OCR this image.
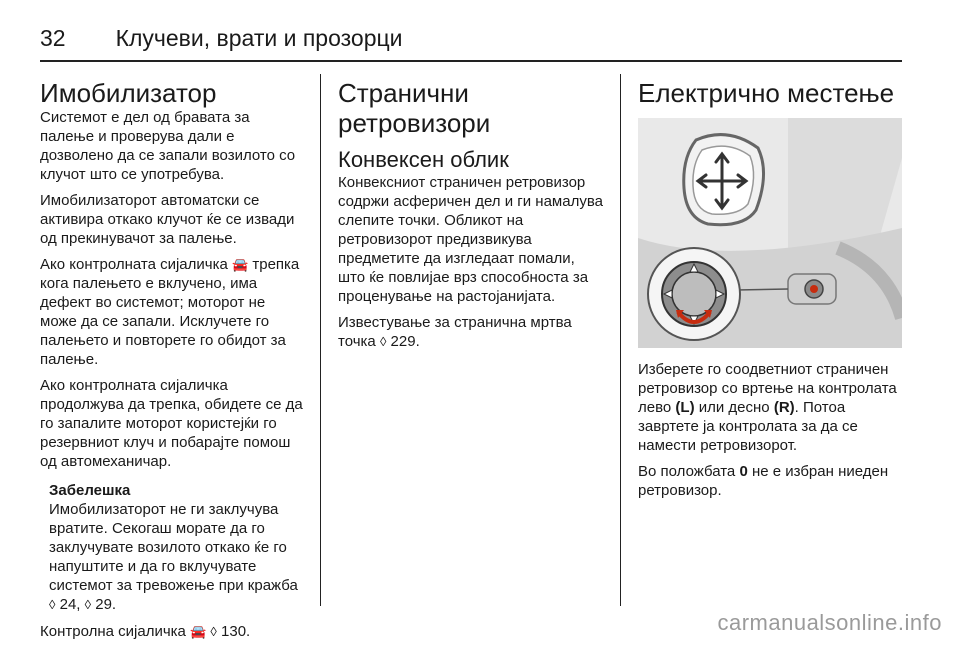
32 Клучеви, врати и прозорци
Имобилизатор

Системот е дел од бравата за палење и проверува дали е дозволено да се запали возилото со клучот што се употребува.

Имобилизаторот автоматски се активира откако клучот ќе се извади од прекинувачот за палење.

Ако контролната сијаличка 🚘 трепка кога палењето е вклучено, има дефект во системот; моторот не може да се запали. Исклучете го палењето и повторете го обидот за палење.

Ако контролната сијаличка продолжува да трепка, обидете се да го запалите моторот користејќи го резервниот клуч и побарајте помош од автомеханичар.

Забелешка

Имобилизаторот не ги заклучува вратите. Секогаш морате да го заклучувате возилото откако ќе го напуштите и да го вклучувате системот за тревожење при кражба ◊ 24, ◊ 29.

Контролна сијаличка 🚘 ◊ 130.

Странични ретровизори
Конвексен облик

Конвексниот страничен ретровизор содржи асферичен дел и ги намалува слепите точки. Обликот на ретровизорот предизвикува предметите да изгледаат помали, што ќе повлијае врз способноста за проценување на растојанијата.

Известување за странична мртва точка ◊ 229.

Електрично местење

Изберете го соодветниот страничен ретровизор со вртење на контролата лево (L) или десно (R). Потоа завртете ја контролата за да се намести ретровизорот.

Во положбата 0 не е избран ниеден ретровизор.

carmanualsonline.info
